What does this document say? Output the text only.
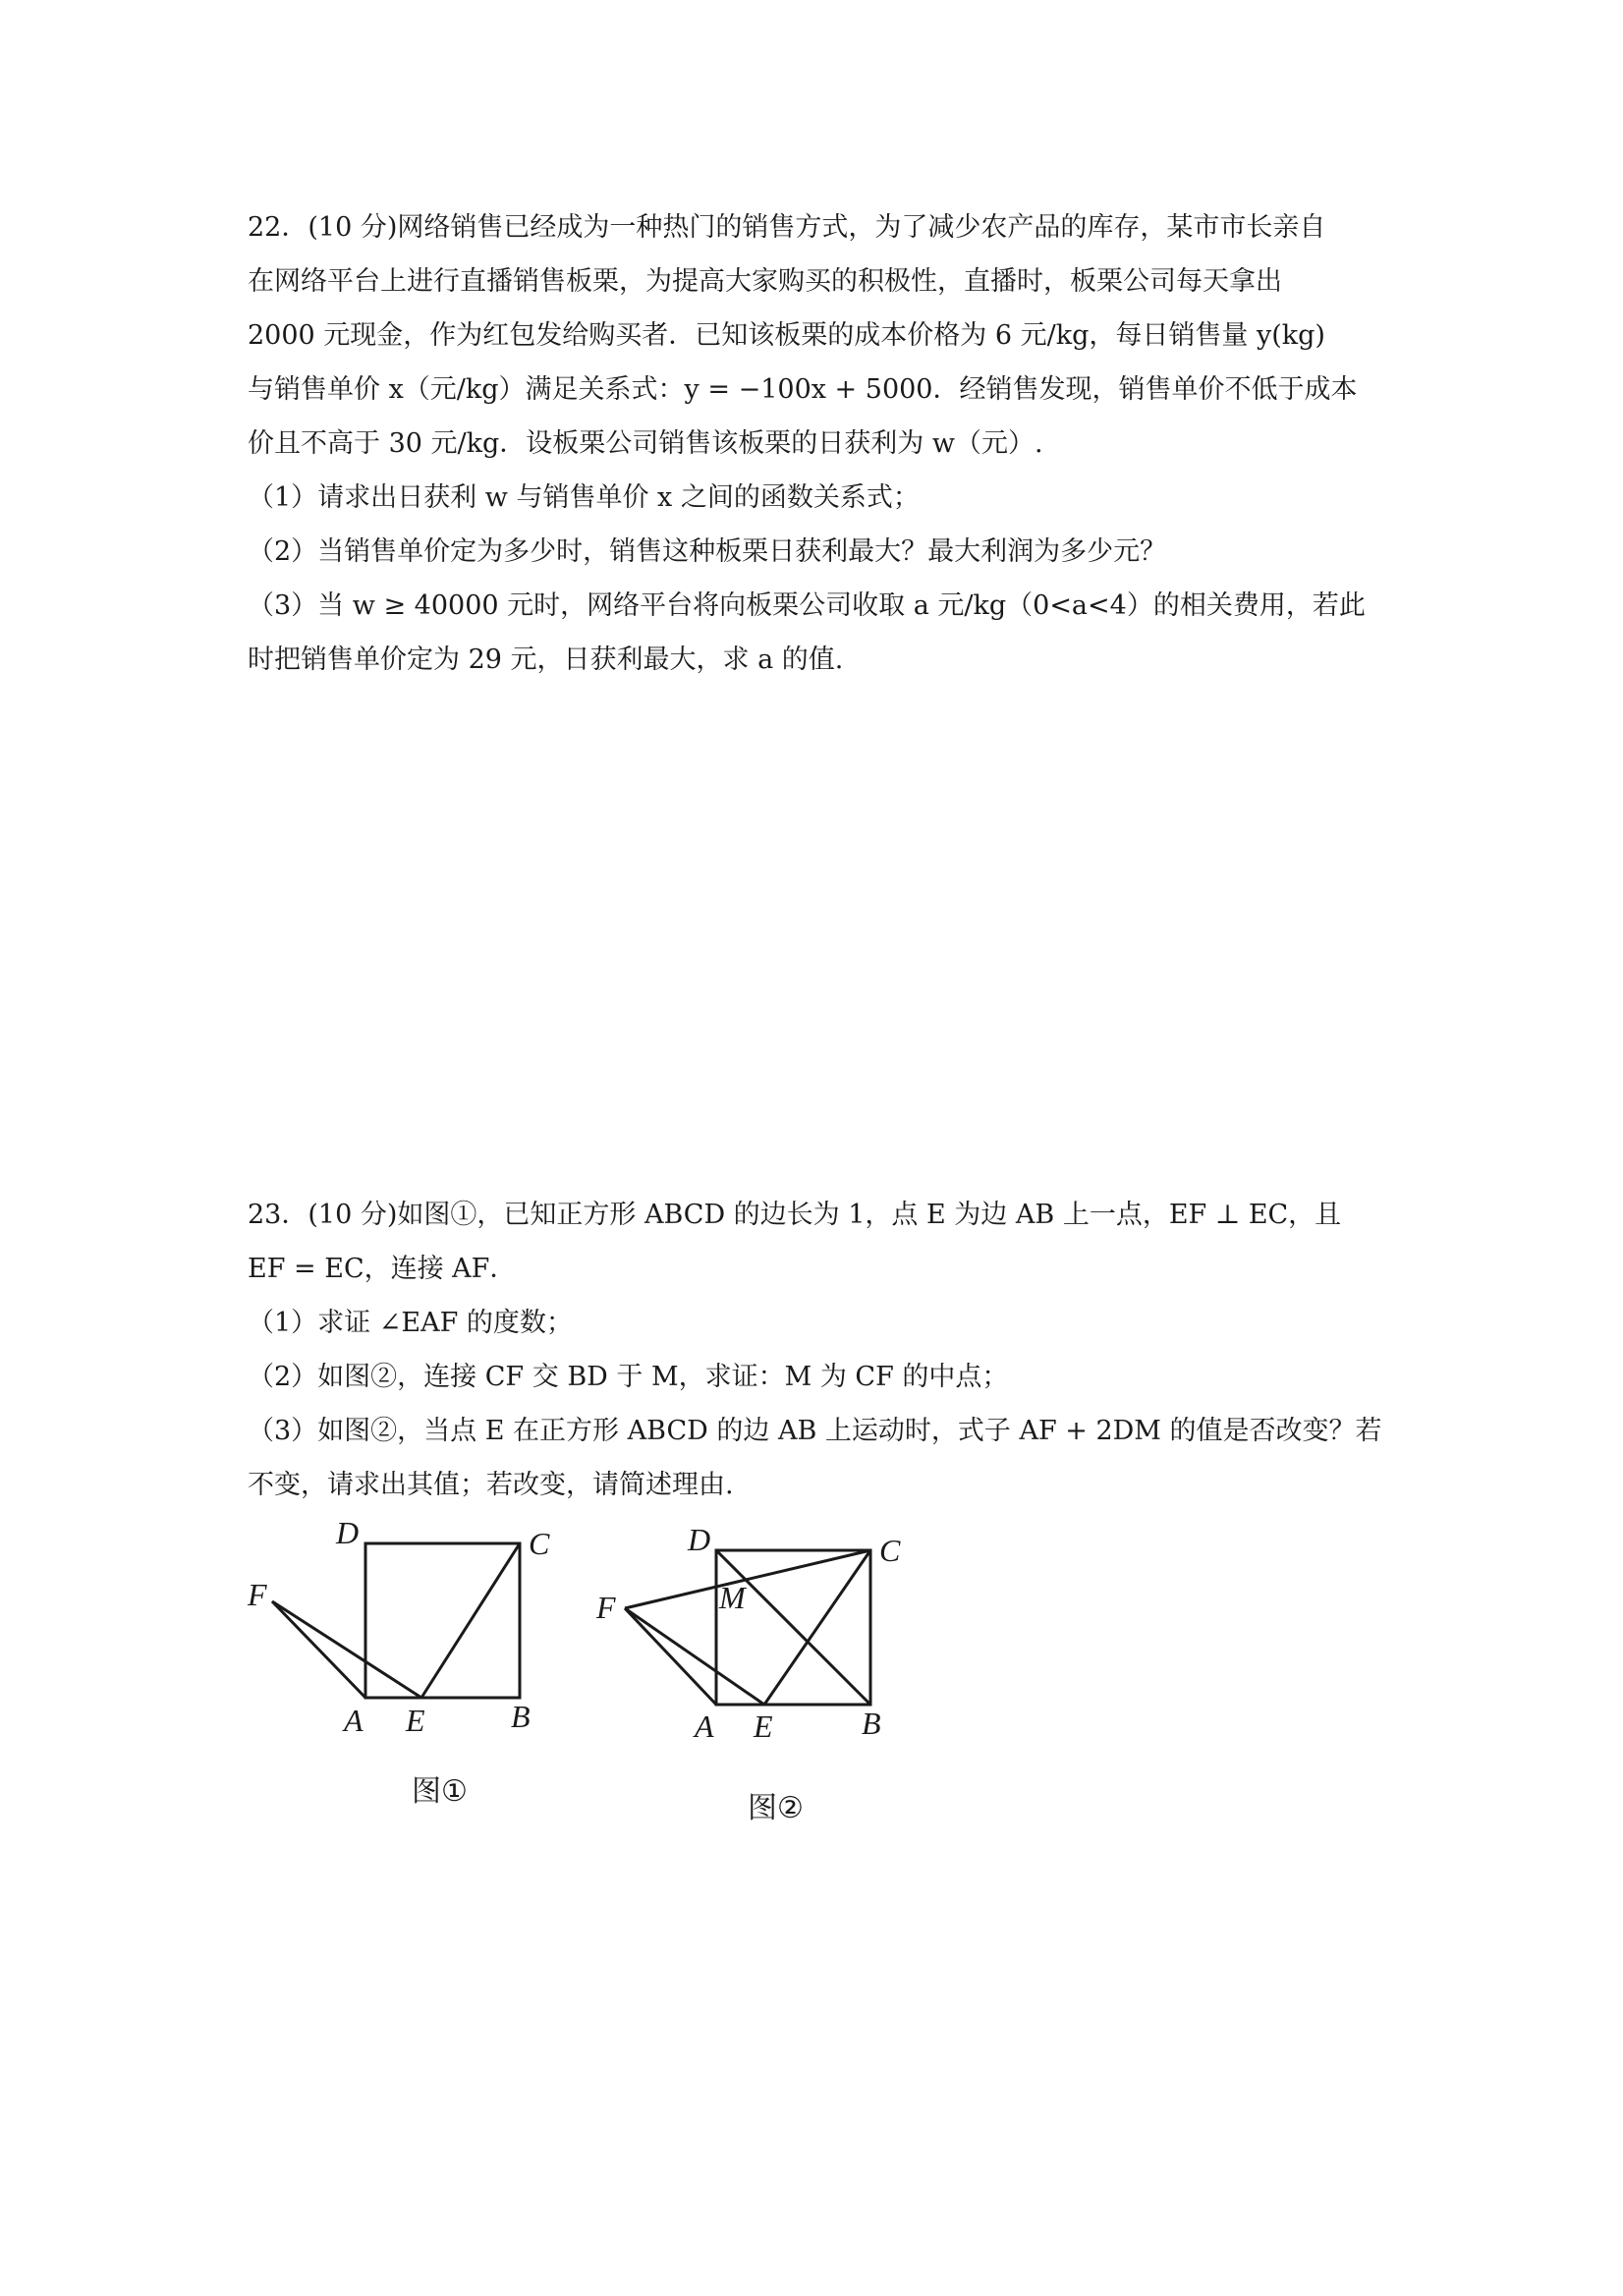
22．(10 分)网络销售已经成为一种热门的销售方式，为了减少农产品的库存，某市市长亲自
在网络平台上进行直播销售板栗，为提高大家购买的积极性，直播时，板栗公司每天拿出
2000 元现金，作为红包发给购买者．已知该板栗的成本价格为 6 元/kg，每日销售量 y(kg)
与销售单价 x（元/kg）满足关系式：y = −100x + 5000．经销售发现，销售单价不低于成本
价且不高于 30 元/kg．设板栗公司销售该板栗的日获利为 w（元）.
（1）请求出日获利 w 与销售单价 x 之间的函数关系式；
（2）当销售单价定为多少时，销售这种板栗日获利最大？最大利润为多少元？
（3）当 w ≥ 40000 元时，网络平台将向板栗公司收取 a 元/kg（0<a<4）的相关费用，若此
时把销售单价定为 29 元，日获利最大，求 a 的值.
23．(10 分)如图①，已知正方形 ABCD 的边长为 1，点 E 为边 AB 上一点，EF ⊥ EC，且
EF = EC，连接 AF．
（1）求证 ∠EAF 的度数；
（2）如图②，连接 CF 交 BD 于 M，求证：M 为 CF 的中点；
（3）如图②，当点 E 在正方形 ABCD 的边 AB 上运动时，式子 AF + 2DM 的值是否改变？若
不变，请求出其值；若改变，请简述理由.
D	C
F
A E	B
D	C
M
F
A E	B
图①	图②
